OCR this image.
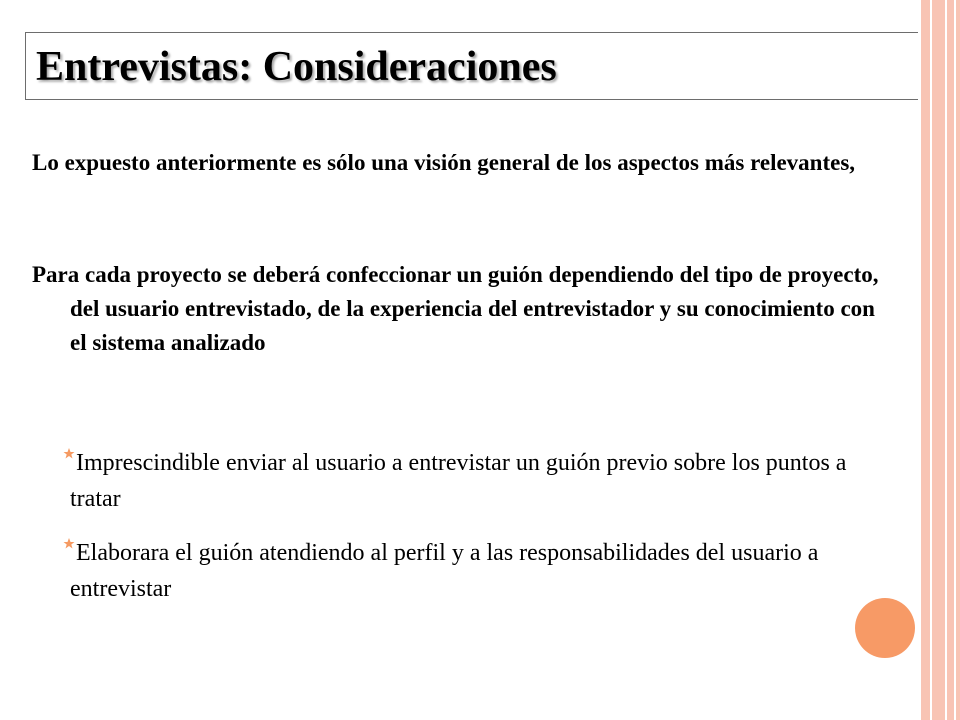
Entrevistas: Consideraciones

Lo expuesto anteriormente es sólo una visión general de los aspectos más relevantes,

Para cada proyecto se deberá confeccionar un guión dependiendo del tipo de proyecto, del usuario entrevistado, de la experiencia del entrevistador y su conocimiento con el sistema analizado

Imprescindible enviar al usuario a entrevistar un guión previo sobre los puntos a tratar
Elaborara el guión atendiendo al perfil y a las responsabilidades del usuario a entrevistar
